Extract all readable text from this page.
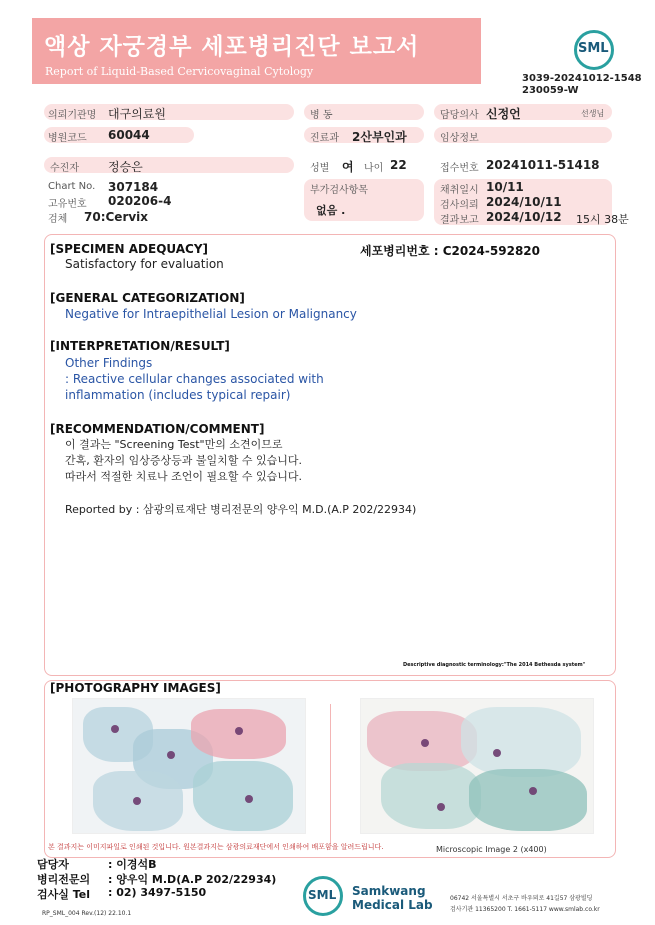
액상 자궁경부 세포병리진단 보고서
Report of Liquid-Based Cervicovaginal Cytology
SML
3039-20241012-1548
230059-W
의뢰기관명 대구의료원	병 동	담당의사 신정언	선생님
병원코드 60044	진료과 2산부인과	임상정보
수진자 정승은	성별 여 나이 22	접수번호 20241011-51418
Chart No. 307184
고유번호 020206-4
검체 70:Cervix
부가검사항목
없음 .
채취일시 10/11
검사의뢰 2024/10/11
결과보고 2024/10/12 15시 38분
[SPECIMEN ADEQUACY]	세포병리번호 : C2024-592820
Satisfactory for evaluation
[GENERAL CATEGORIZATION]
Negative for Intraepithelial Lesion or Malignancy
[INTERPRETATION/RESULT]
Other Findings
: Reactive cellular changes associated with
inflammation (includes typical repair)
[RECOMMENDATION/COMMENT]
이 결과는 "Screening Test"만의 소견이므로
간혹, 환자의 임상증상등과 불일치할 수 있습니다.
따라서 적절한 치료나 조언이 필요할 수 있습니다.
Reported by : 삼광의료재단 병리전문의 양우익 M.D.(A.P 202/22934)
Descriptive diagnostic terminology:"The 2014 Bethesda system"
[PHOTOGRAPHY IMAGES]
Microscopic Image 2 (x400)
본 결과지는 이미지파일로 인쇄된 것입니다. 원본결과지는 삼광의료재단에서 인쇄하여 배포함을 알려드립니다.
담당자	: 이경석B
병리전문의 : 양우익 M.D(A.P 202/22934)
검사실 Tel : 02) 3497-5150	SML Samkwang
Medical Lab	06742 서울특별시 서초구 바우뫼로 41길57 삼광빌딩
검사기관 11365200 T. 1661-5117 www.smlab.co.kr
RP_SML_004 Rev.(12) 22.10.1
